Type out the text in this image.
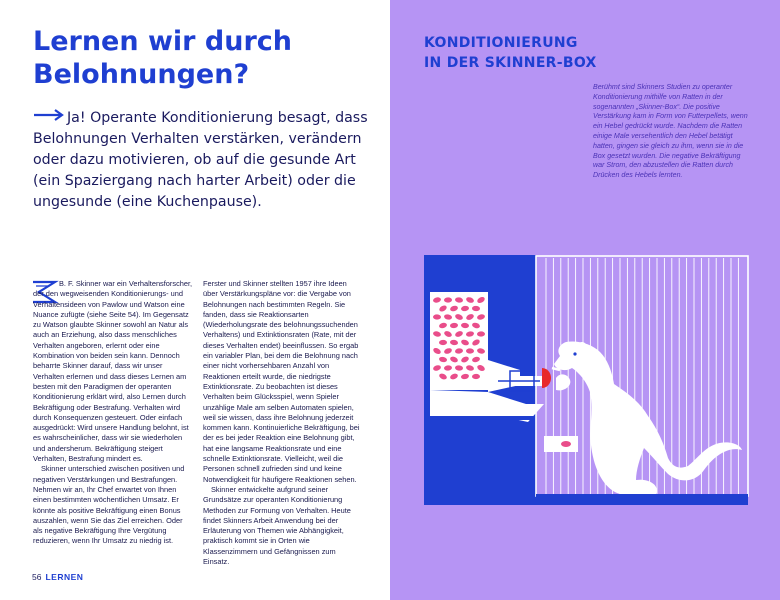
Lernen wir durch Belohnungen?

Ja! Operante Konditionierung besagt, dass Belohnungen Verhalten verstärken, verändern oder dazu motivieren, ob auf die gesunde Art (ein Spaziergang nach harter Arbeit) oder die ungesunde (eine Kuchenpause).

B. F. Skinner war ein Verhaltensforscher, der den wegweisenden Konditionierungs- und Verhaltensideen von Pawlow und Watson eine Nuance zufügte (siehe Seite 54). Im Gegensatz zu Watson glaubte Skinner sowohl an Natur als auch an Erziehung, also dass menschliches Verhalten angeboren, erlernt oder eine Kombination von beiden sein kann. Dennoch beharrte Skinner darauf, dass wir unser Verhalten erlernen und dass dieses Lernen am besten mit den Paradigmen der operanten Konditionierung erklärt wird, also Lernen durch Bekräftigung oder Bestrafung. Verhalten wird durch Konsequenzen gesteuert. Oder einfach ausgedrückt: Wird unsere Handlung belohnt, ist es wahrscheinlicher, dass wir sie wiederholen und andersherum. Bekräftigung steigert Verhalten, Bestrafung mindert es.

Skinner unterschied zwischen positiven und negativen Verstärkungen und Bestrafungen. Nehmen wir an, Ihr Chef erwartet von Ihnen einen bestimmten wöchentlichen Umsatz. Er könnte als positive Bekräftigung einen Bonus auszahlen, wenn Sie das Ziel erreichen. Oder als negative Bekräftigung Ihre Vergütung reduzieren, wenn Ihr Umsatz zu niedrig ist.

Ferster und Skinner stellten 1957 ihre Ideen über Verstärkungspläne vor: die Vergabe von Belohnungen nach bestimmten Regeln. Sie fanden, dass sie Reaktionsarten (Wiederholungsrate des belohnungssuchenden Verhaltens) und Extinktionsraten (Rate, mit der dieses Verhalten endet) beeinflussen. So ergab ein variabler Plan, bei dem die Belohnung nach einer nicht vorhersehbaren Anzahl von Reaktionen erteilt wurde, die niedrigste Extinktionsrate. Zu beobachten ist dieses Verhalten beim Glücksspiel, wenn Spieler unzählige Male am selben Automaten spielen, weil sie wissen, dass ihre Belohnung jederzeit kommen kann. Kontinuierliche Bekräftigung, bei der es bei jeder Reaktion eine Belohnung gibt, hat eine langsame Reaktionsrate und eine schnelle Extinktionsrate. Vielleicht, weil die Personen schnell zufrieden sind und keine Notwendigkeit für häufigere Reaktionen sehen.

Skinner entwickelte aufgrund seiner Grundsätze zur operanten Konditionierung Methoden zur Formung von Verhalten. Heute findet Skinners Arbeit Anwendung bei der Erläuterung von Themen wie Abhängigkeit, praktisch kommt sie in Orten wie Klassenzimmern und Gefängnissen zum Einsatz.

56 LERNEN

KONDITIONIERUNG
IN DER SKINNER-BOX

Berühmt sind Skinners Studien zu operanter Konditionierung mithilfe von Ratten in der sogenannten „Skinner-Box“. Die positive Verstärkung kam in Form von Futterpellets, wenn ein Hebel gedrückt wurde. Nachdem die Ratten einige Male versehentlich den Hebel betätigt hatten, gingen sie gleich zu ihm, wenn sie in die Box gesetzt wurden. Die negative Bekräftigung war Strom, den abzustellen die Ratten durch Drücken des Hebels lernten.
